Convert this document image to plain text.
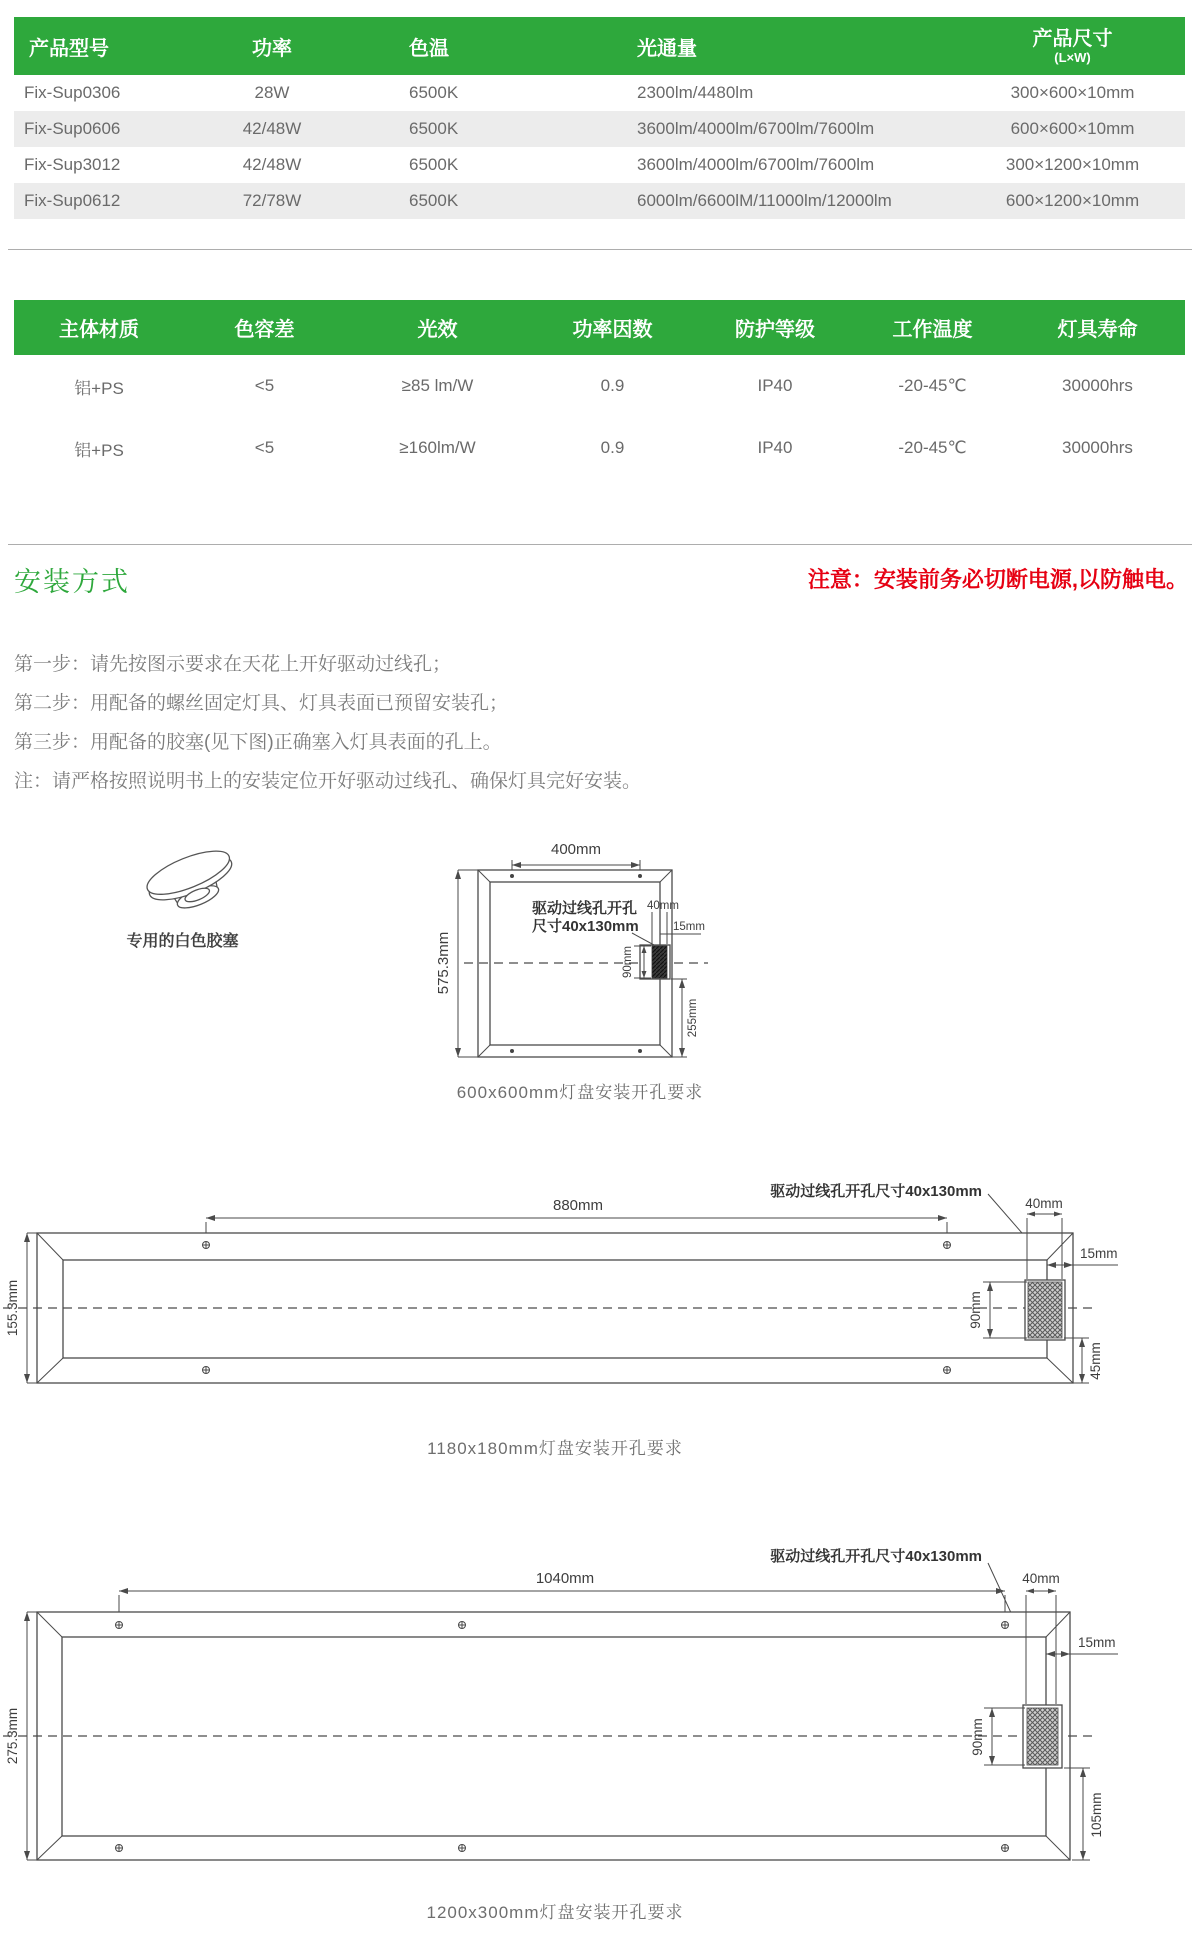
产品型号	功率	色温	光通量	产品尺寸
(L×W)

Fix-Sup0306	28W	6500K	2300lm/4480lm	300×600×10mm
Fix-Sup0606	42/48W	6500K	3600lm/4000lm/6700lm/7600lm	600×600×10mm
Fix-Sup3012	42/48W	6500K	3600lm/4000lm/6700lm/7600lm	300×1200×10mm
Fix-Sup0612	72/78W	6500K	6000lm/6600lM/11000lm/12000lm	600×1200×10mm
主体材质	色容差	光效	功率因数	防护等级	工作温度	灯具寿命
铝+PS	<5	≥85 lm/W	0.9	IP40	-20-45℃	30000hrs
铝+PS	<5	≥160lm/W	0.9	IP40	-20-45℃	30000hrs
安装方式	注意：安装前务必切断电源,以防触电。
第一步：请先按图示要求在天花上开好驱动过线孔；
第二步：用配备的螺丝固定灯具、灯具表面已预留安装孔；
第三步：用配备的胶塞(见下图)正确塞入灯具表面的孔上。
注：请严格按照说明书上的安装定位开好驱动过线孔、确保灯具完好安装。
专用的白色胶塞
400mm
575.3mm
驱动过线孔开孔
尺寸40x130mm
40mm
15mm
90mm
255mm
600x600mm灯盘安装开孔要求
驱动过线孔开孔尺寸40x130mm
880mm
155.3mm
40mm
15mm
90mm
45mm
1180x180mm灯盘安装开孔要求
驱动过线孔开孔尺寸40x130mm
1040mm
275.3mm
40mm
15mm
90mm
105mm
1200x300mm灯盘安装开孔要求
